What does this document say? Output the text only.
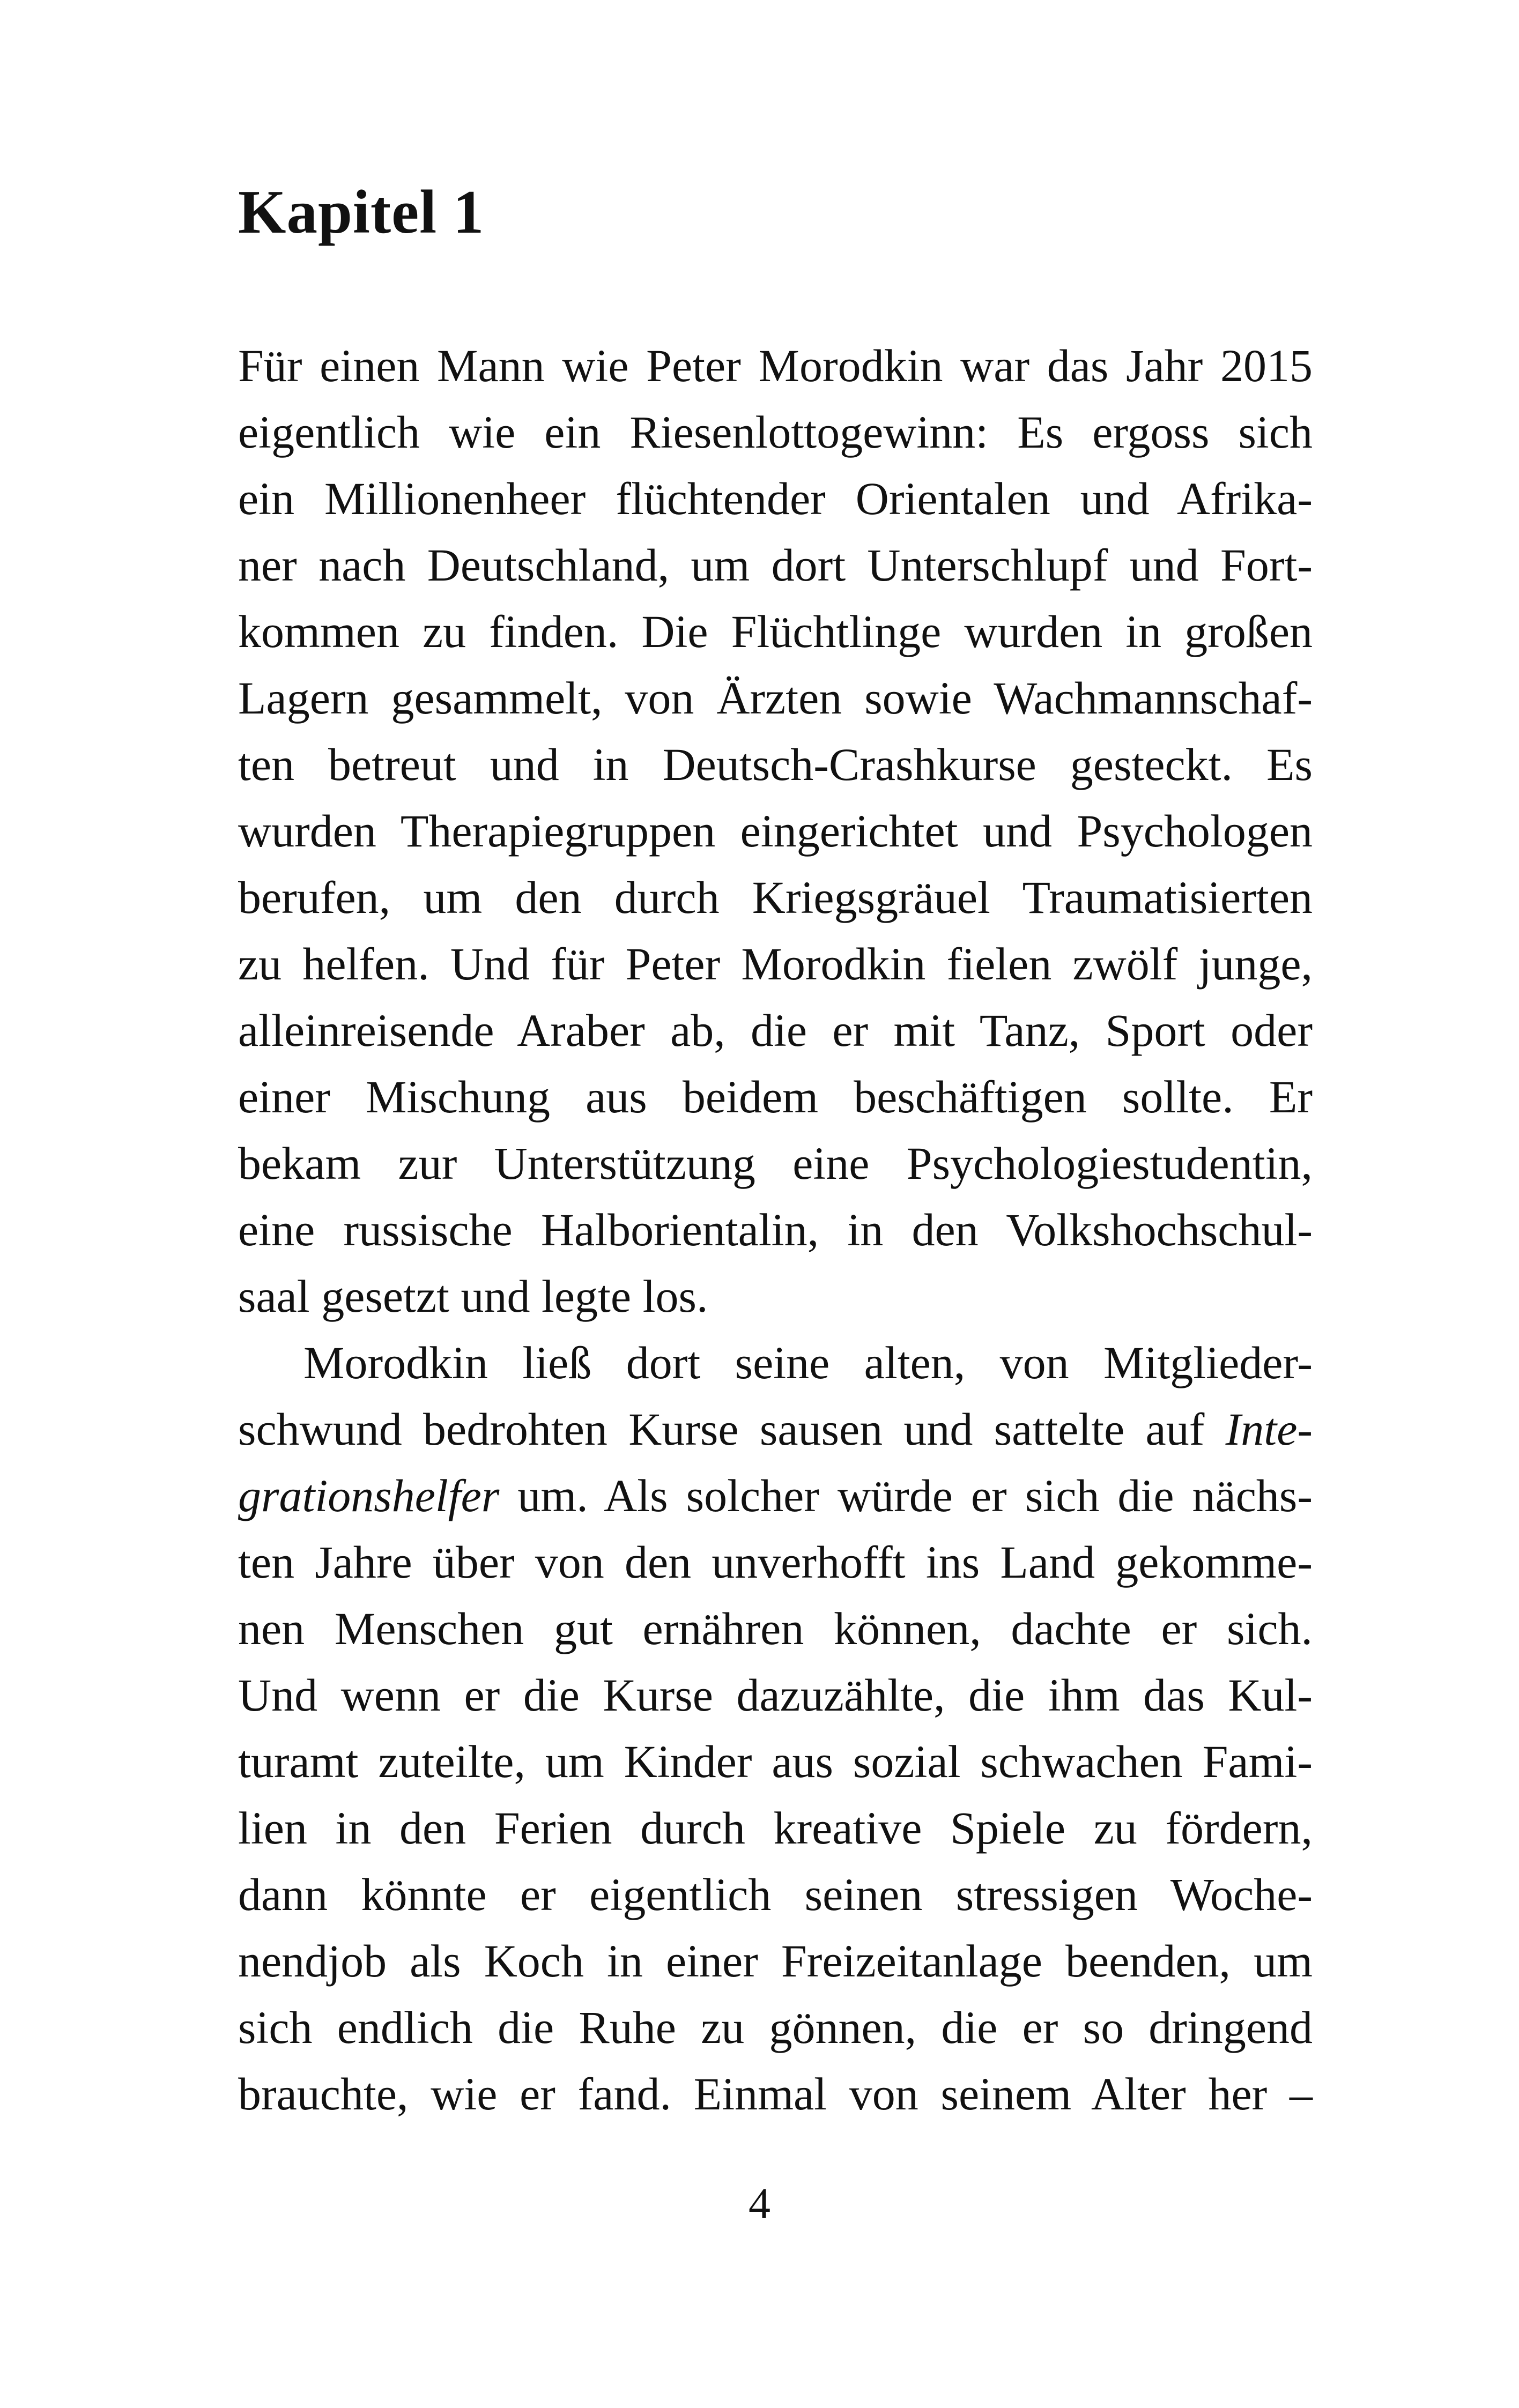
Kapitel 1
Für einen Mann wie Peter Morodkin war das Jahr 2015
eigentlich wie ein Riesenlottogewinn: Es ergoss sich
ein Millionenheer flüchtender Orientalen und Afrika-
ner nach Deutschland, um dort Unterschlupf und Fort-
kommen zu finden. Die Flüchtlinge wurden in großen
Lagern gesammelt, von Ärzten sowie Wachmannschaf-
ten betreut und in Deutsch-Crashkurse gesteckt. Es
wurden Therapiegruppen eingerichtet und Psychologen
berufen, um den durch Kriegsgräuel Traumatisierten
zu helfen. Und für Peter Morodkin fielen zwölf junge,
alleinreisende Araber ab, die er mit Tanz, Sport oder
einer Mischung aus beidem beschäftigen sollte. Er
bekam zur Unterstützung eine Psychologiestudentin,
eine russische Halborientalin, in den Volkshochschul-
saal gesetzt und legte los.
Morodkin ließ dort seine alten, von Mitglieder-
schwund bedrohten Kurse sausen und sattelte auf Inte-
grationshelfer um. Als solcher würde er sich die nächs-
ten Jahre über von den unverhofft ins Land gekomme-
nen Menschen gut ernähren können, dachte er sich.
Und wenn er die Kurse dazuzählte, die ihm das Kul-
turamt zuteilte, um Kinder aus sozial schwachen Fami-
lien in den Ferien durch kreative Spiele zu fördern,
dann könnte er eigentlich seinen stressigen Woche-
nendjob als Koch in einer Freizeitanlage beenden, um
sich endlich die Ruhe zu gönnen, die er so dringend
brauchte, wie er fand. Einmal von seinem Alter her –
4
